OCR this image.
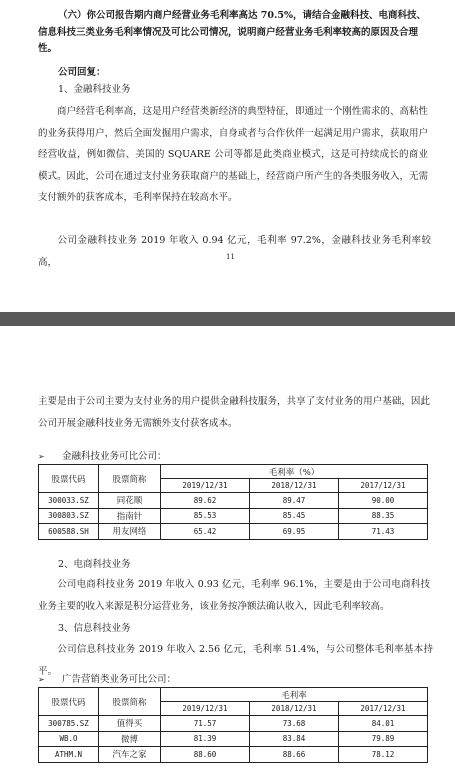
（六）你公司报告期内商户经营业务毛利率高达 70.5%，请结合金融科技、电商科技、信息科技三类业务毛利率情况及可比公司情况，说明商户经营业务毛利率较高的原因及合理性。
公司回复：
1、金融科技业务
商户经营毛利率高，这是用户经营类新经济的典型特征，即通过一个刚性需求的、高粘性的业务获得用户，然后全面发掘用户需求，自身或者与合作伙伴一起满足用户需求，获取用户经营收益，例如微信、美国的 SQUARE 公司等都是此类商业模式，这是可持续成长的商业模式。因此，公司在通过支付业务获取商户的基础上，经营商户所产生的各类服务收入，无需支付额外的获客成本，毛利率保持在较高水平。
公司金融科技业务 2019 年收入 0.94 亿元，毛利率 97.2%，金融科技业务毛利率较高，	11
主要是由于公司主要为支付业务的用户提供金融科技服务，共享了支付业务的用户基础，因此公司开展金融科技业务无需额外支付获客成本。
➢ 金融科技业务可比公司：
股票代码	股票简称	毛利率（%）		
		2019/12/31	2018/12/31	2017/12/31
300033.SZ	同花顺	89.62	89.47	90.00
300803.SZ	指南针	85.53	85.45	88.35
600588.SH	用友网络	65.42	69.95	71.43
2、电商科技业务
公司电商科技业务 2019 年收入 0.93 亿元，毛利率 96.1%，主要是由于公司电商科技业务主要的收入来源是积分运营业务，该业务按净额法确认收入，因此毛利率较高。
3、信息科技业务
公司信息科技业务 2019 年收入 2.56 亿元，毛利率 51.4%，与公司整体毛利率基本持平。
➢ 广告营销类业务可比公司：
股票代码	股票简称	毛利率		
		2019/12/31	2018/12/31	2017/12/31
300785.SZ	值得买	71.57	73.68	84.01
WB.O	微博	81.39	83.84	79.89
ATHM.N	汽车之家	88.60	88.66	78.12
